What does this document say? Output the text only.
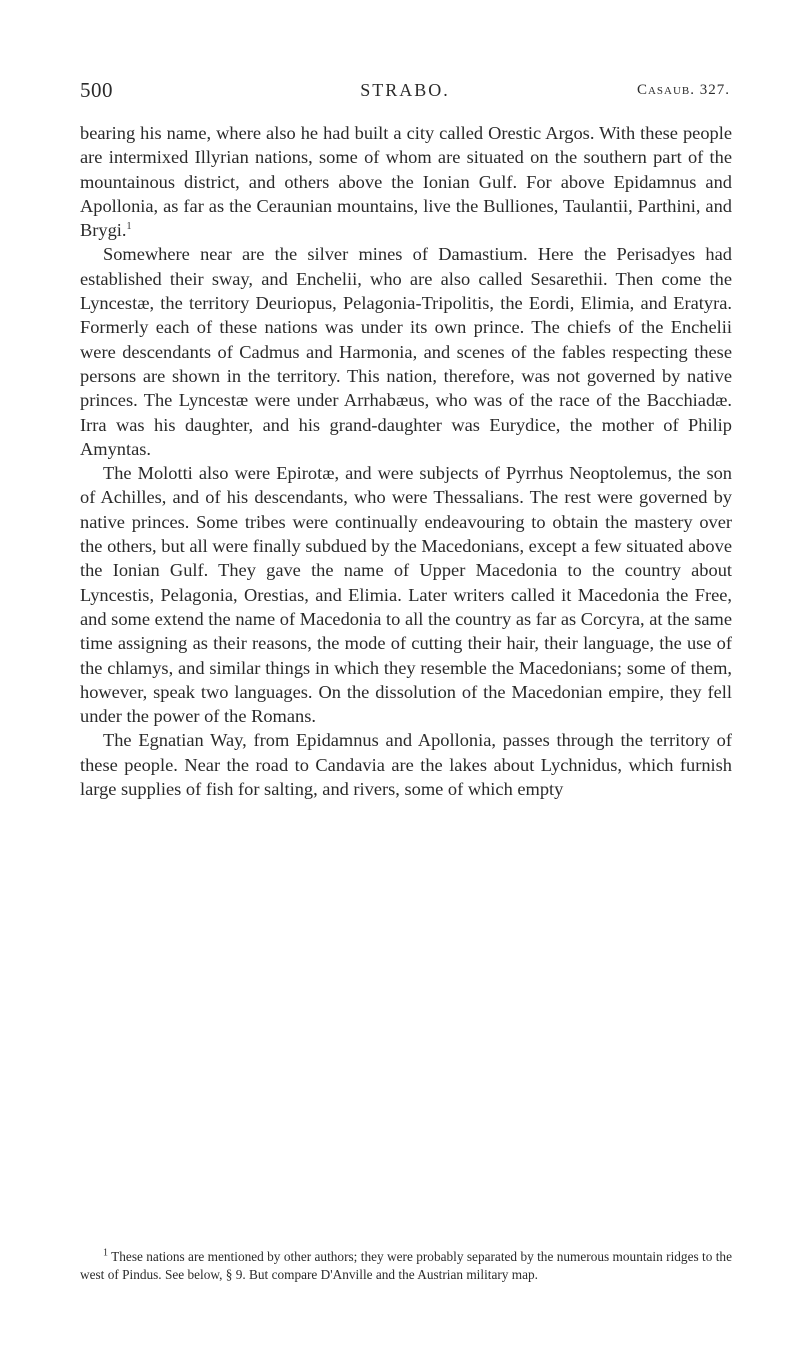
500	STRABO.	Casaub. 327.

bearing his name, where also he had built a city called Orestic Argos. With these people are intermixed Illyrian nations, some of whom are situated on the southern part of the mountainous district, and others above the Ionian Gulf. For above Epidamnus and Apollonia, as far as the Ceraunian mountains, live the Bulliones, Taulantii, Parthini, and Brygi.$^1$

Somewhere near are the silver mines of Damastium. Here the Perisadyes had established their sway, and Enchelii, who are also called Sesarethii. Then come the Lyncestæ, the territory Deuriopus, Pelagonia-Tripolitis, the Eordi, Elimia, and Eratyra. Formerly each of these nations was under its own prince. The chiefs of the Enchelii were descendants of Cadmus and Harmonia, and scenes of the fables respecting these persons are shown in the territory. This nation, therefore, was not governed by native princes. The Lyncestæ were under Arrhabæus, who was of the race of the Bacchiadæ. Irra was his daughter, and his grand-daughter was Eurydice, the mother of Philip Amyntas.

The Molotti also were Epirotæ, and were subjects of Pyrrhus Neoptolemus, the son of Achilles, and of his descendants, who were Thessalians. The rest were governed by native princes. Some tribes were continually endeavouring to obtain the mastery over the others, but all were finally subdued by the Macedonians, except a few situated above the Ionian Gulf. They gave the name of Upper Macedonia to the country about Lyncestis, Pelagonia, Orestias, and Elimia. Later writers called it Macedonia the Free, and some extend the name of Macedonia to all the country as far as Corcyra, at the same time assigning as their reasons, the mode of cutting their hair, their language, the use of the chlamys, and similar things in which they resemble the Macedonians; some of them, however, speak two languages. On the dissolution of the Macedonian empire, they fell under the power of the Romans.

The Egnatian Way, from Epidamnus and Apollonia, passes through the territory of these people. Near the road to Candavia are the lakes about Lychnidus, which furnish large supplies of fish for salting, and rivers, some of which empty

$^1$ These nations are mentioned by other authors; they were probably separated by the numerous mountain ridges to the west of Pindus. See below, § 9. But compare D'Anville and the Austrian military map.
